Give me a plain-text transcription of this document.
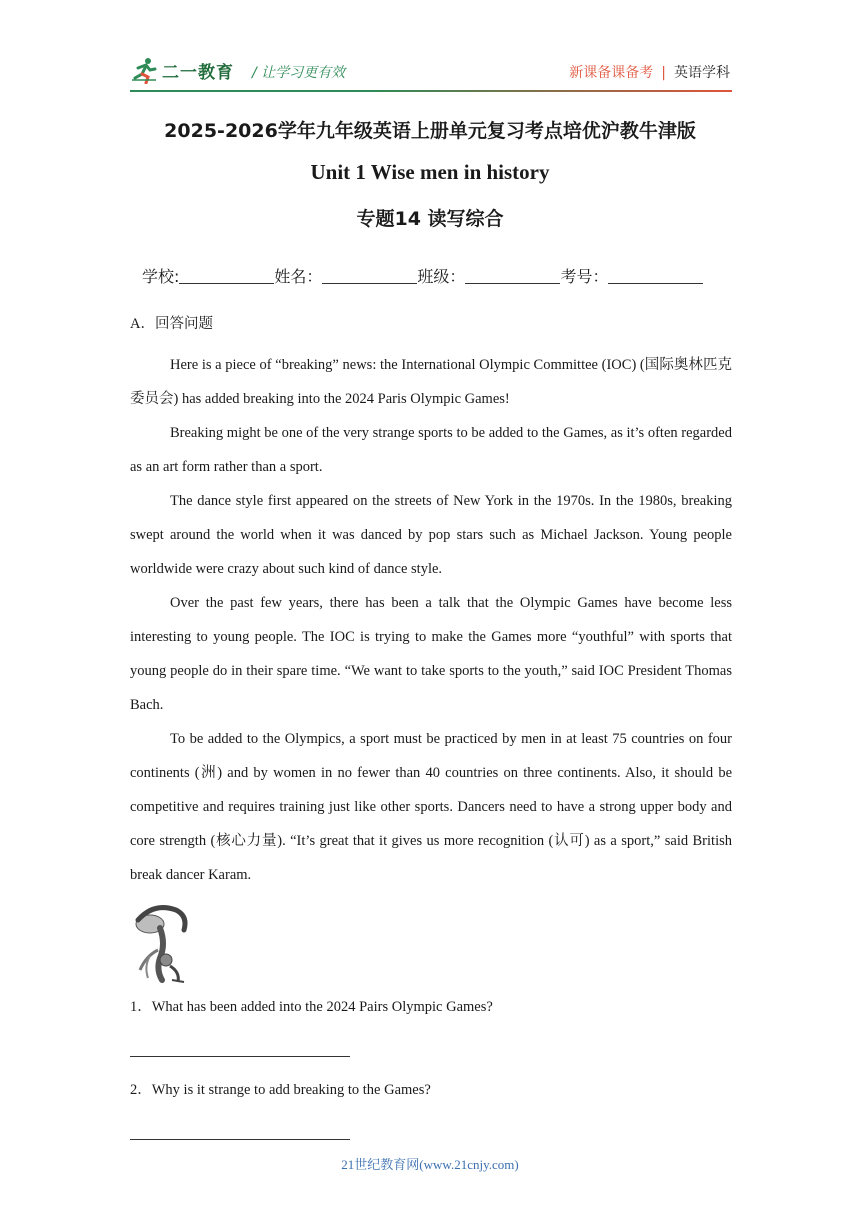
二一教育 / 让学习更有效	新课备课备考 | 英语学科
2025-2026学年九年级英语上册单元复习考点培优沪教牛津版
Unit 1 Wise men in history
专题14 读写综合
学校:	姓名：	班级：	考号：

A．回答问题

Here is a piece of “breaking” news: the International Olympic Committee (IOC) (国际奥林匹克委员会) has added breaking into the 2024 Paris Olympic Games!

Breaking might be one of the very strange sports to be added to the Games, as it’s often regarded as an art form rather than a sport.

The dance style first appeared on the streets of New York in the 1970s. In the 1980s, breaking swept around the world when it was danced by pop stars such as Michael Jackson. Young people worldwide were crazy about such kind of dance style.

Over the past few years, there has been a talk that the Olympic Games have become less interesting to young people. The IOC is trying to make the Games more “youthful” with sports that young people do in their spare time. “We want to take sports to the youth,” said IOC President Thomas Bach.

To be added to the Olympics, a sport must be practiced by men in at least 75 countries on four continents (洲) and by women in no fewer than 40 countries on three continents. Also, it should be competitive and requires training just like other sports. Dancers need to have a strong upper body and core strength (核心力量). “It’s great that it gives us more recognition (认可) as a sport,” said British break dancer Karam.

1．What has been added into the 2024 Pairs Olympic Games?
2．Why is it strange to add breaking to the Games?
21世纪教育网(www.21cnjy.com)
